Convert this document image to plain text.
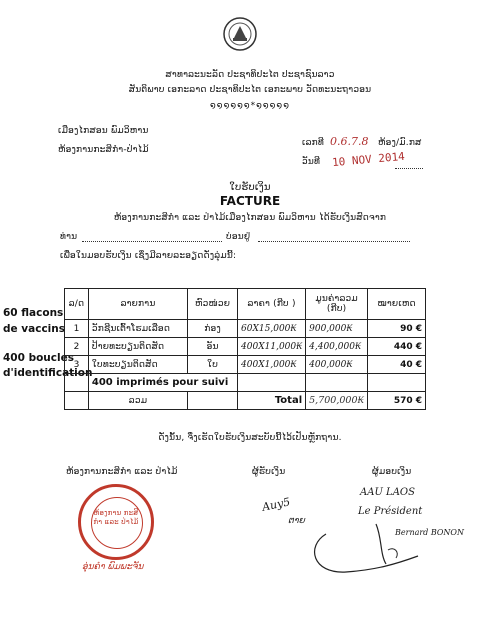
ສາທາລະນະລັດ ປະຊາທິປະໄຕ ປະຊາຊົນລາວ
ສັນຕິພາບ ເອກະລາດ ປະຊາທິປະໄຕ ເອກະພາບ ວັດທະນະຖາວອນ
໑໑໑໑໑໑*໑໑໑໑໑
ເມືອງໄກສອນ ພົມວິຫານ
ຫ້ອງການກະສິກໍາ-ປ່າໄມ້
ເລກທີ 0.6.7.8 ຫ້ອງ/ມົ.ກສ
ວັນທີ 10 NOV 2014
ໃບຮັບເງິນ
FACTURE
ຫ້ອງການກະສິກໍາ ແລະ ປ່າໄມ້ເມືອງໄກສອນ ພົມວິຫານ ໄດ້ຮັບເງິນສົດຈາກ
ທ່ານ	ບ່ອນຢູ່
ເພື່ອໃນມອບຮັບເງິນ ເຊິ່ງມີລາຍລະອຽດດັ່ງລຸ່ມນີ້:
60 flacons
de vaccins
400 boucles
d'identification
ລ/ດ	ລາຍການ	ຫົວໜ່ວຍ	ລາຄາ (ກີບ )	ມູນຄ່າລວມ (ກີບ)	ໝາຍເຫດ
1	ວັກຊີນເຕົ້າໂຮມເລືອດ	ກ່ອງ	60X15,000₭	900,000₭	90 €
2	ປ້າຍທະບຽນຕິດສັດ	ອັນ	400X11,000₭	4,400,000₭	440 €
3	ໃບທະບຽນຕິດສັດ	ໃບ	400X1,000₭	400,000₭	40 €
	400 imprimés pour suivi				
	ລວມ		Total	5,700,000₭	570 €
ດັ່ງນັ້ນ, ຈຶ່ງເຮັດໃບຮັບເງິນສະບັບນີ້ໄວ້ເປັນຫຼັກຖານ.
ຫ້ອງການກະສິກໍາ ແລະ ປ່າໄມ້	ຜູ້ຮັບເງິນ	ຜູ້ມອບເງິນ
ຫ້ອງການ ກະສິກໍາ ແລະ ປ່າໄມ້
ອຸ່ນຄໍາ ພົມພະຈັນ
Auy5
ຕາຍ
AAU LAOS
Le Président
Bernard BONON
